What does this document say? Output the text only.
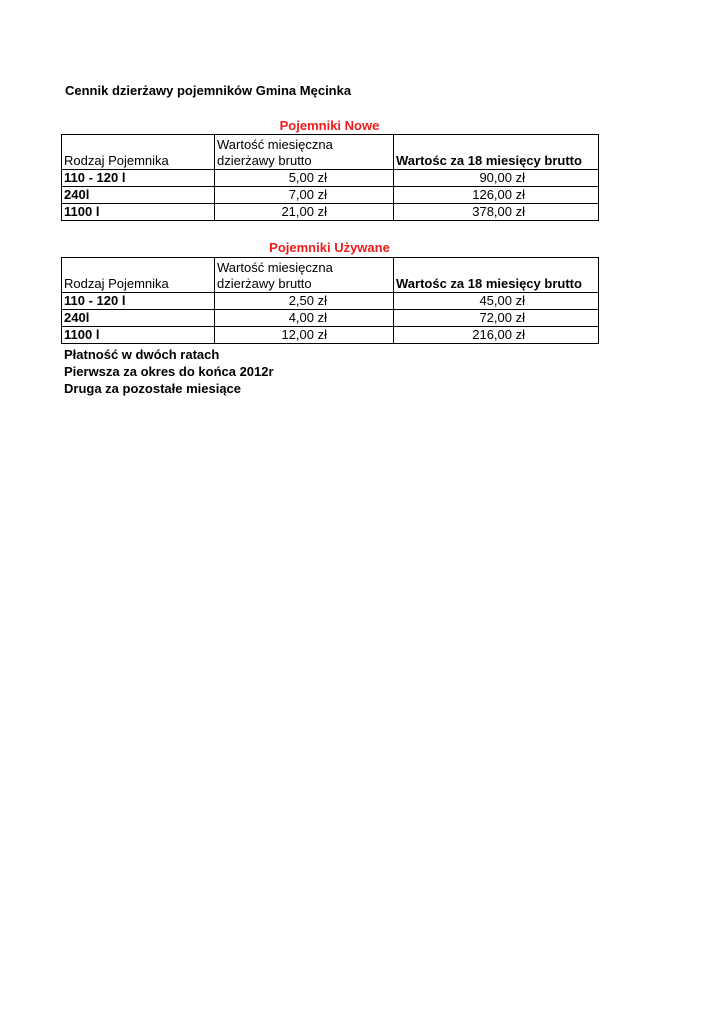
Cennik dzierżawy pojemników Gmina Męcinka
Pojemniki Nowe
Rodzaj Pojemnika	Wartość miesięczna dzierżawy brutto	Wartośc za 18 miesięcy brutto
110 - 120 l	5,00 zł	90,00 zł
240l	7,00 zł	126,00 zł
1100 l	21,00 zł	378,00 zł
Pojemniki Używane
Rodzaj Pojemnika	Wartość miesięczna dzierżawy brutto	Wartośc za 18 miesięcy brutto
110 - 120 l	2,50 zł	45,00 zł
240l	4,00 zł	72,00 zł
1100 l	12,00 zł	216,00 zł
Płatność w dwóch ratach
Pierwsza za okres do końca 2012r
Druga za pozostałe miesiące
